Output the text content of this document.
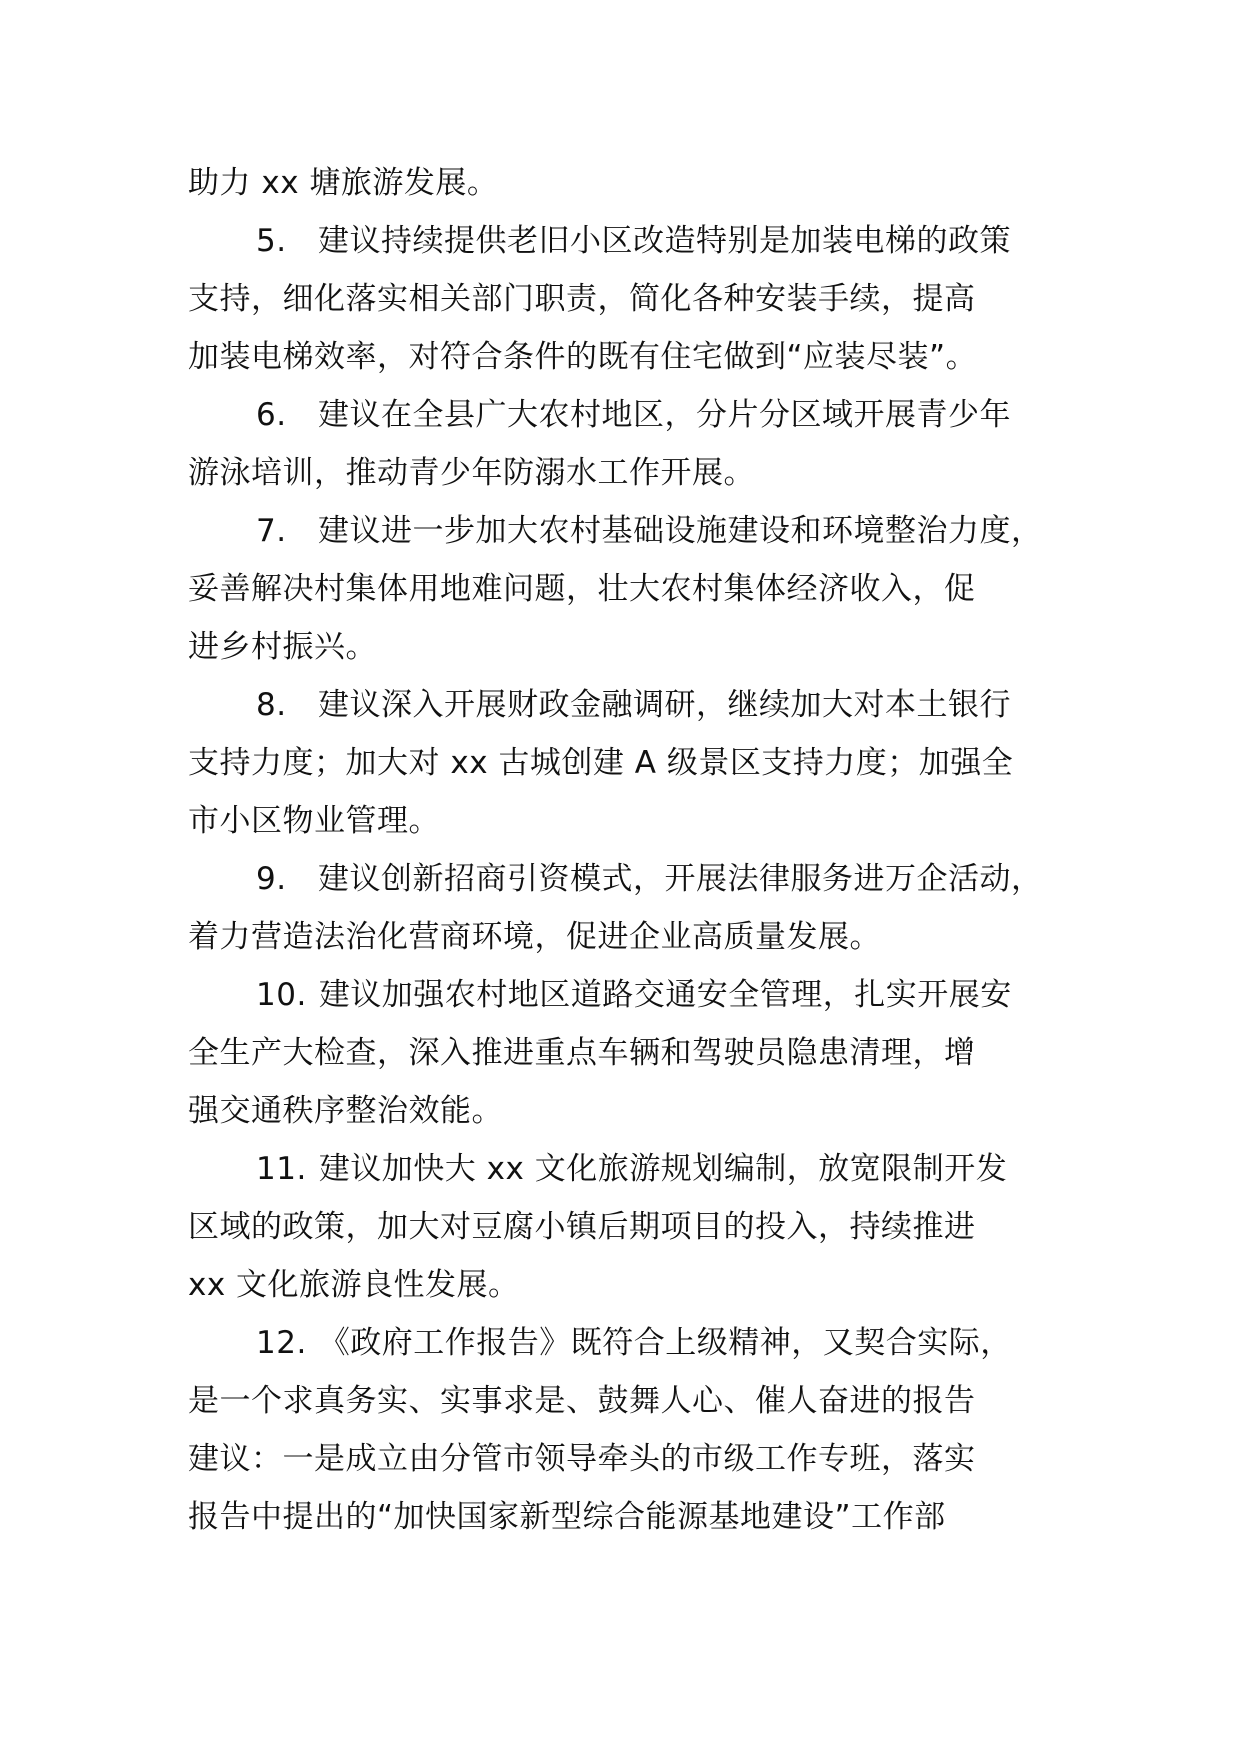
助力 xx 塘旅游发展。

5. 建议持续提供老旧小区改造特别是加装电梯的政策

支持，细化落实相关部门职责，简化各种安装手续，提高

加装电梯效率，对符合条件的既有住宅做到“应装尽装”。

6. 建议在全县广大农村地区，分片分区域开展青少年

游泳培训，推动青少年防溺水工作开展。

7. 建议进一步加大农村基础设施建设和环境整治力度，

妥善解决村集体用地难问题，壮大农村集体经济收入，促

进乡村振兴。

8. 建议深入开展财政金融调研，继续加大对本土银行

支持力度；加大对 xx 古城创建 A 级景区支持力度；加强全

市小区物业管理。

9. 建议创新招商引资模式，开展法律服务进万企活动，

着力营造法治化营商环境，促进企业高质量发展。

10. 建议加强农村地区道路交通安全管理，扎实开展安

全生产大检查，深入推进重点车辆和驾驶员隐患清理，增

强交通秩序整治效能。

11. 建议加快大 xx 文化旅游规划编制，放宽限制开发

区域的政策，加大对豆腐小镇后期项目的投入，持续推进

xx 文化旅游良性发展。

12. 《政府工作报告》既符合上级精神，又契合实际，

是一个求真务实、实事求是、鼓舞人心、催人奋进的报告

建议：一是成立由分管市领导牵头的市级工作专班，落实

报告中提出的“加快国家新型综合能源基地建设”工作部
